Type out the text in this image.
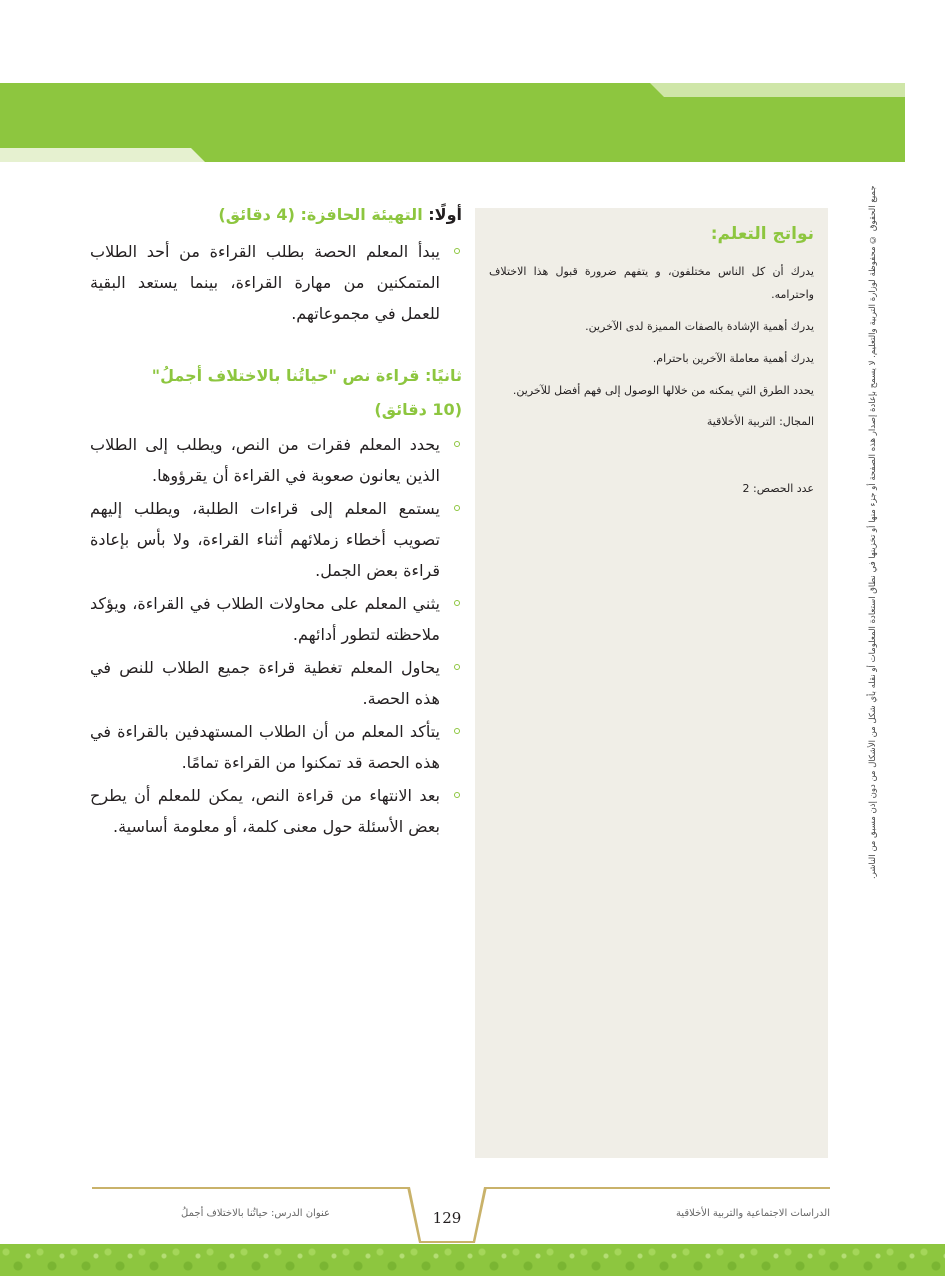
جميع الحقوق © محفوظة لوزارة التربية والتعليم. لا يسمح بإعادة إصدار هذه الصفحة أو جزء منها أو تخزينها في نطاق استعادة المعلومات أو نقله بأي شكل من الأشكال من دون إذن مسبق من الناشر.
نواتج التعلم:
يدرك أن كل الناس مختلفون، و يتفهم ضرورة قبول هذا الاختلاف واحترامه.
يدرك أهمية الإشادة بالصفات المميزة لدى الآخرين.
يدرك أهمية معاملة الآخرين باحترام.
يحدد الطرق التي يمكنه من خلالها الوصول إلى فهم أفضل للآخرين.
المجال: التربية الأخلاقية
عدد الحصص: 2
أولًا: التهيئة الحافزة: (4 دقائق)
يبدأ المعلم الحصة بطلب القراءة من أحد الطلاب المتمكنين من مهارة القراءة، بينما يستعد البقية للعمل في مجموعاتهم.
ثانيًا: قراءة نص "حياتُنا بالاختلاف أجملُ"
(10 دقائق)
يحدد المعلم فقرات من النص، ويطلب إلى الطلاب الذين يعانون صعوبة في القراءة أن يقرؤوها.
يستمع المعلم إلى قراءات الطلبة، ويطلب إليهم تصويب أخطاء زملائهم أثناء القراءة، ولا بأس بإعادة قراءة بعض الجمل.
يثني المعلم على محاولات الطلاب في القراءة، ويؤكد ملاحظته لتطور أدائهم.
يحاول المعلم تغطية قراءة جميع الطلاب للنص في هذه الحصة.
يتأكد المعلم من أن الطلاب المستهدفين بالقراءة في هذه الحصة قد تمكنوا من القراءة تمامًا.
بعد الانتهاء من قراءة النص، يمكن للمعلم أن يطرح بعض الأسئلة حول معنى كلمة، أو معلومة أساسية.
129
عنوان الدرس: حياتُنا بالاختلاف أجملُ	الدراسات الاجتماعية والتربية الأخلاقية
